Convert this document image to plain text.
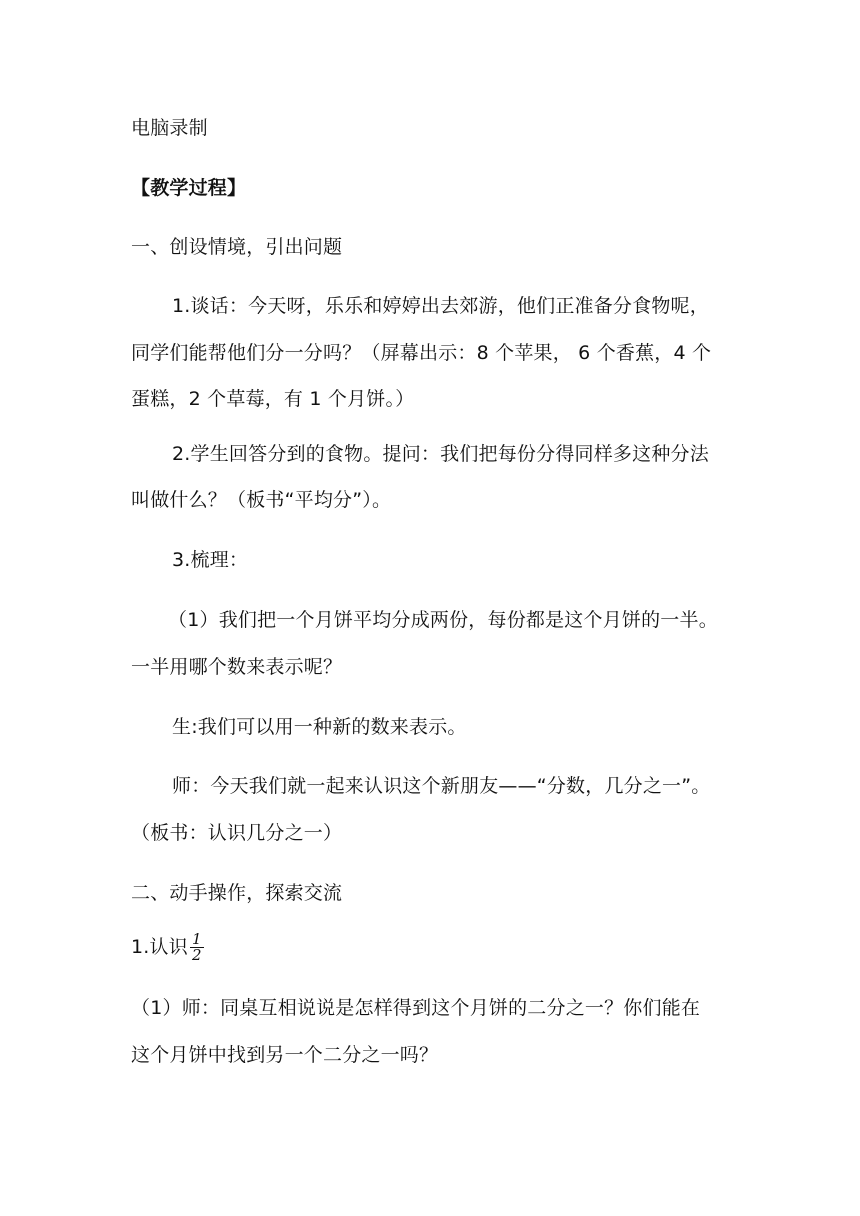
电脑录制
【教学过程】
一、创设情境，引出问题
1.谈话：今天呀，乐乐和婷婷出去郊游，他们正准备分食物呢，
同学们能帮他们分一分吗？（屏幕出示：8 个苹果， 6 个香蕉，4 个
蛋糕，2 个草莓，有 1 个月饼。）
2.学生回答分到的食物。提问：我们把每份分得同样多这种分法
叫做什么？（板书“平均分”）。
3.梳理：
（1）我们把一个月饼平均分成两份，每份都是这个月饼的一半。
一半用哪个数来表示呢？
生:我们可以用一种新的数来表示。
师：今天我们就一起来认识这个新朋友——“分数，几分之一”。
（板书：认识几分之一）
二、动手操作，探索交流
1.认识 $\frac{1}{2}$
（1）师：同桌互相说说是怎样得到这个月饼的二分之一？你们能在
这个月饼中找到另一个二分之一吗？
